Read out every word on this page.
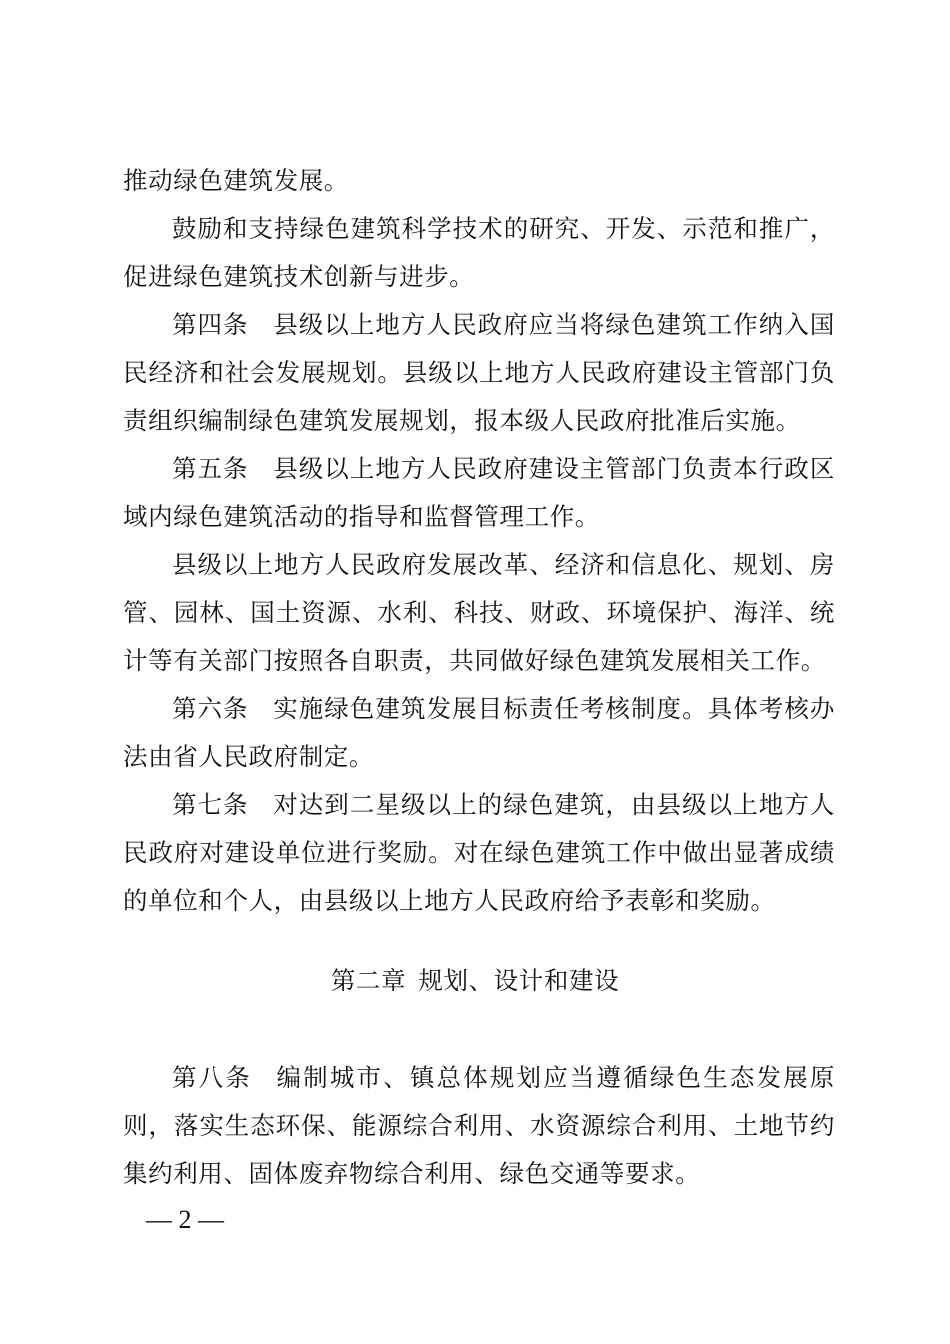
推动绿色建筑发展。

鼓励和支持绿色建筑科学技术的研究、开发、示范和推广，促进绿色建筑技术创新与进步。

第四条 县级以上地方人民政府应当将绿色建筑工作纳入国民经济和社会发展规划。县级以上地方人民政府建设主管部门负责组织编制绿色建筑发展规划，报本级人民政府批准后实施。

第五条 县级以上地方人民政府建设主管部门负责本行政区域内绿色建筑活动的指导和监督管理工作。

县级以上地方人民政府发展改革、经济和信息化、规划、房管、园林、国土资源、水利、科技、财政、环境保护、海洋、统计等有关部门按照各自职责，共同做好绿色建筑发展相关工作。

第六条 实施绿色建筑发展目标责任考核制度。具体考核办法由省人民政府制定。

第七条 对达到二星级以上的绿色建筑，由县级以上地方人民政府对建设单位进行奖励。对在绿色建筑工作中做出显著成绩的单位和个人，由县级以上地方人民政府给予表彰和奖励。

第二章 规划、设计和建设

第八条 编制城市、镇总体规划应当遵循绿色生态发展原则，落实生态环保、能源综合利用、水资源综合利用、土地节约集约利用、固体废弃物综合利用、绿色交通等要求。

— 2 —
